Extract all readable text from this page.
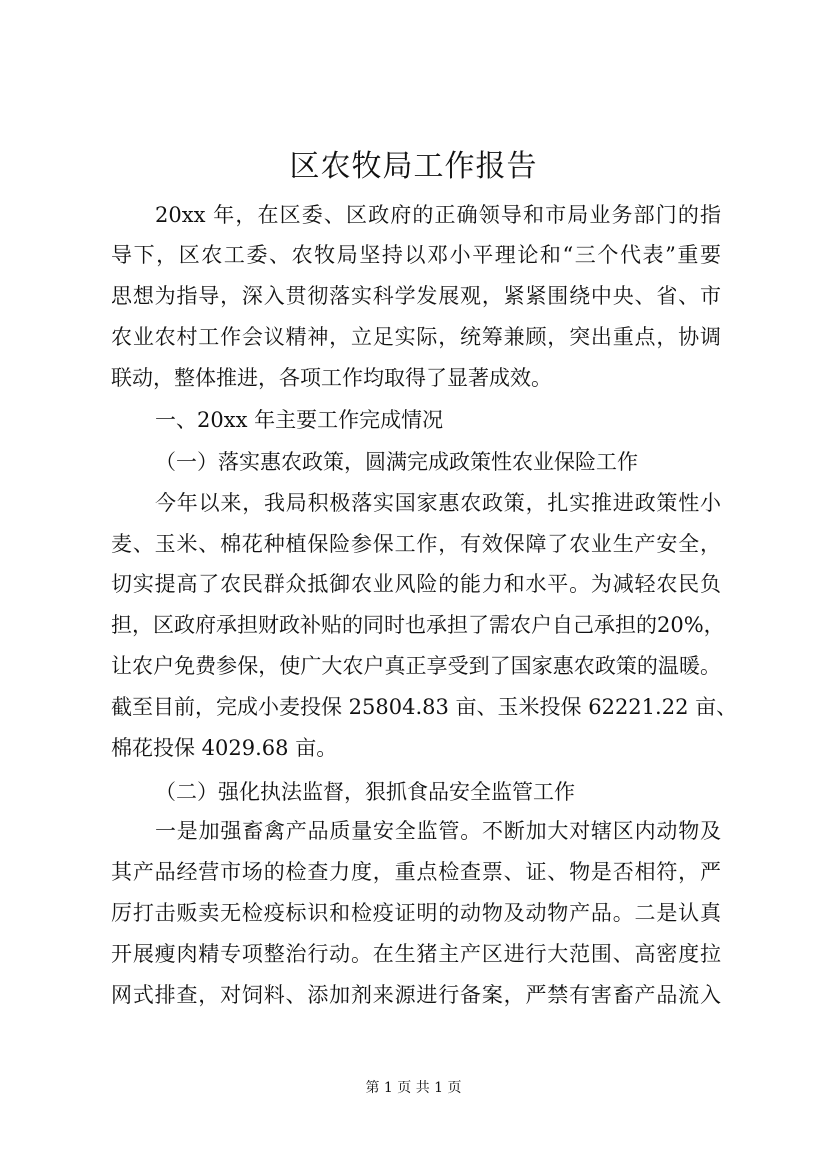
区农牧局工作报告
20xx 年，在区委、区政府的正确领导和市局业务部门的指
导下，区农工委、农牧局坚持以邓小平理论和“三个代表”重要
思想为指导，深入贯彻落实科学发展观，紧紧围绕中央、省、市
农业农村工作会议精神，立足实际，统筹兼顾，突出重点，协调
联动，整体推进，各项工作均取得了显著成效。
一、20xx 年主要工作完成情况
（一）落实惠农政策，圆满完成政策性农业保险工作
今年以来，我局积极落实国家惠农政策，扎实推进政策性小
麦、玉米、棉花种植保险参保工作，有效保障了农业生产安全，
切实提高了农民群众抵御农业风险的能力和水平。为减轻农民负
担，区政府承担财政补贴的同时也承担了需农户自己承担的20%，
让农户免费参保，使广大农户真正享受到了国家惠农政策的温暖。
截至目前，完成小麦投保 25804.83 亩、玉米投保 62221.22 亩、
棉花投保 4029.68 亩。
（二）强化执法监督，狠抓食品安全监管工作
一是加强畜禽产品质量安全监管。不断加大对辖区内动物及
其产品经营市场的检查力度，重点检查票、证、物是否相符，严
厉打击贩卖无检疫标识和检疫证明的动物及动物产品。二是认真
开展瘦肉精专项整治行动。在生猪主产区进行大范围、高密度拉
网式排查，对饲料、添加剂来源进行备案，严禁有害畜产品流入
第 1 页 共 1 页
